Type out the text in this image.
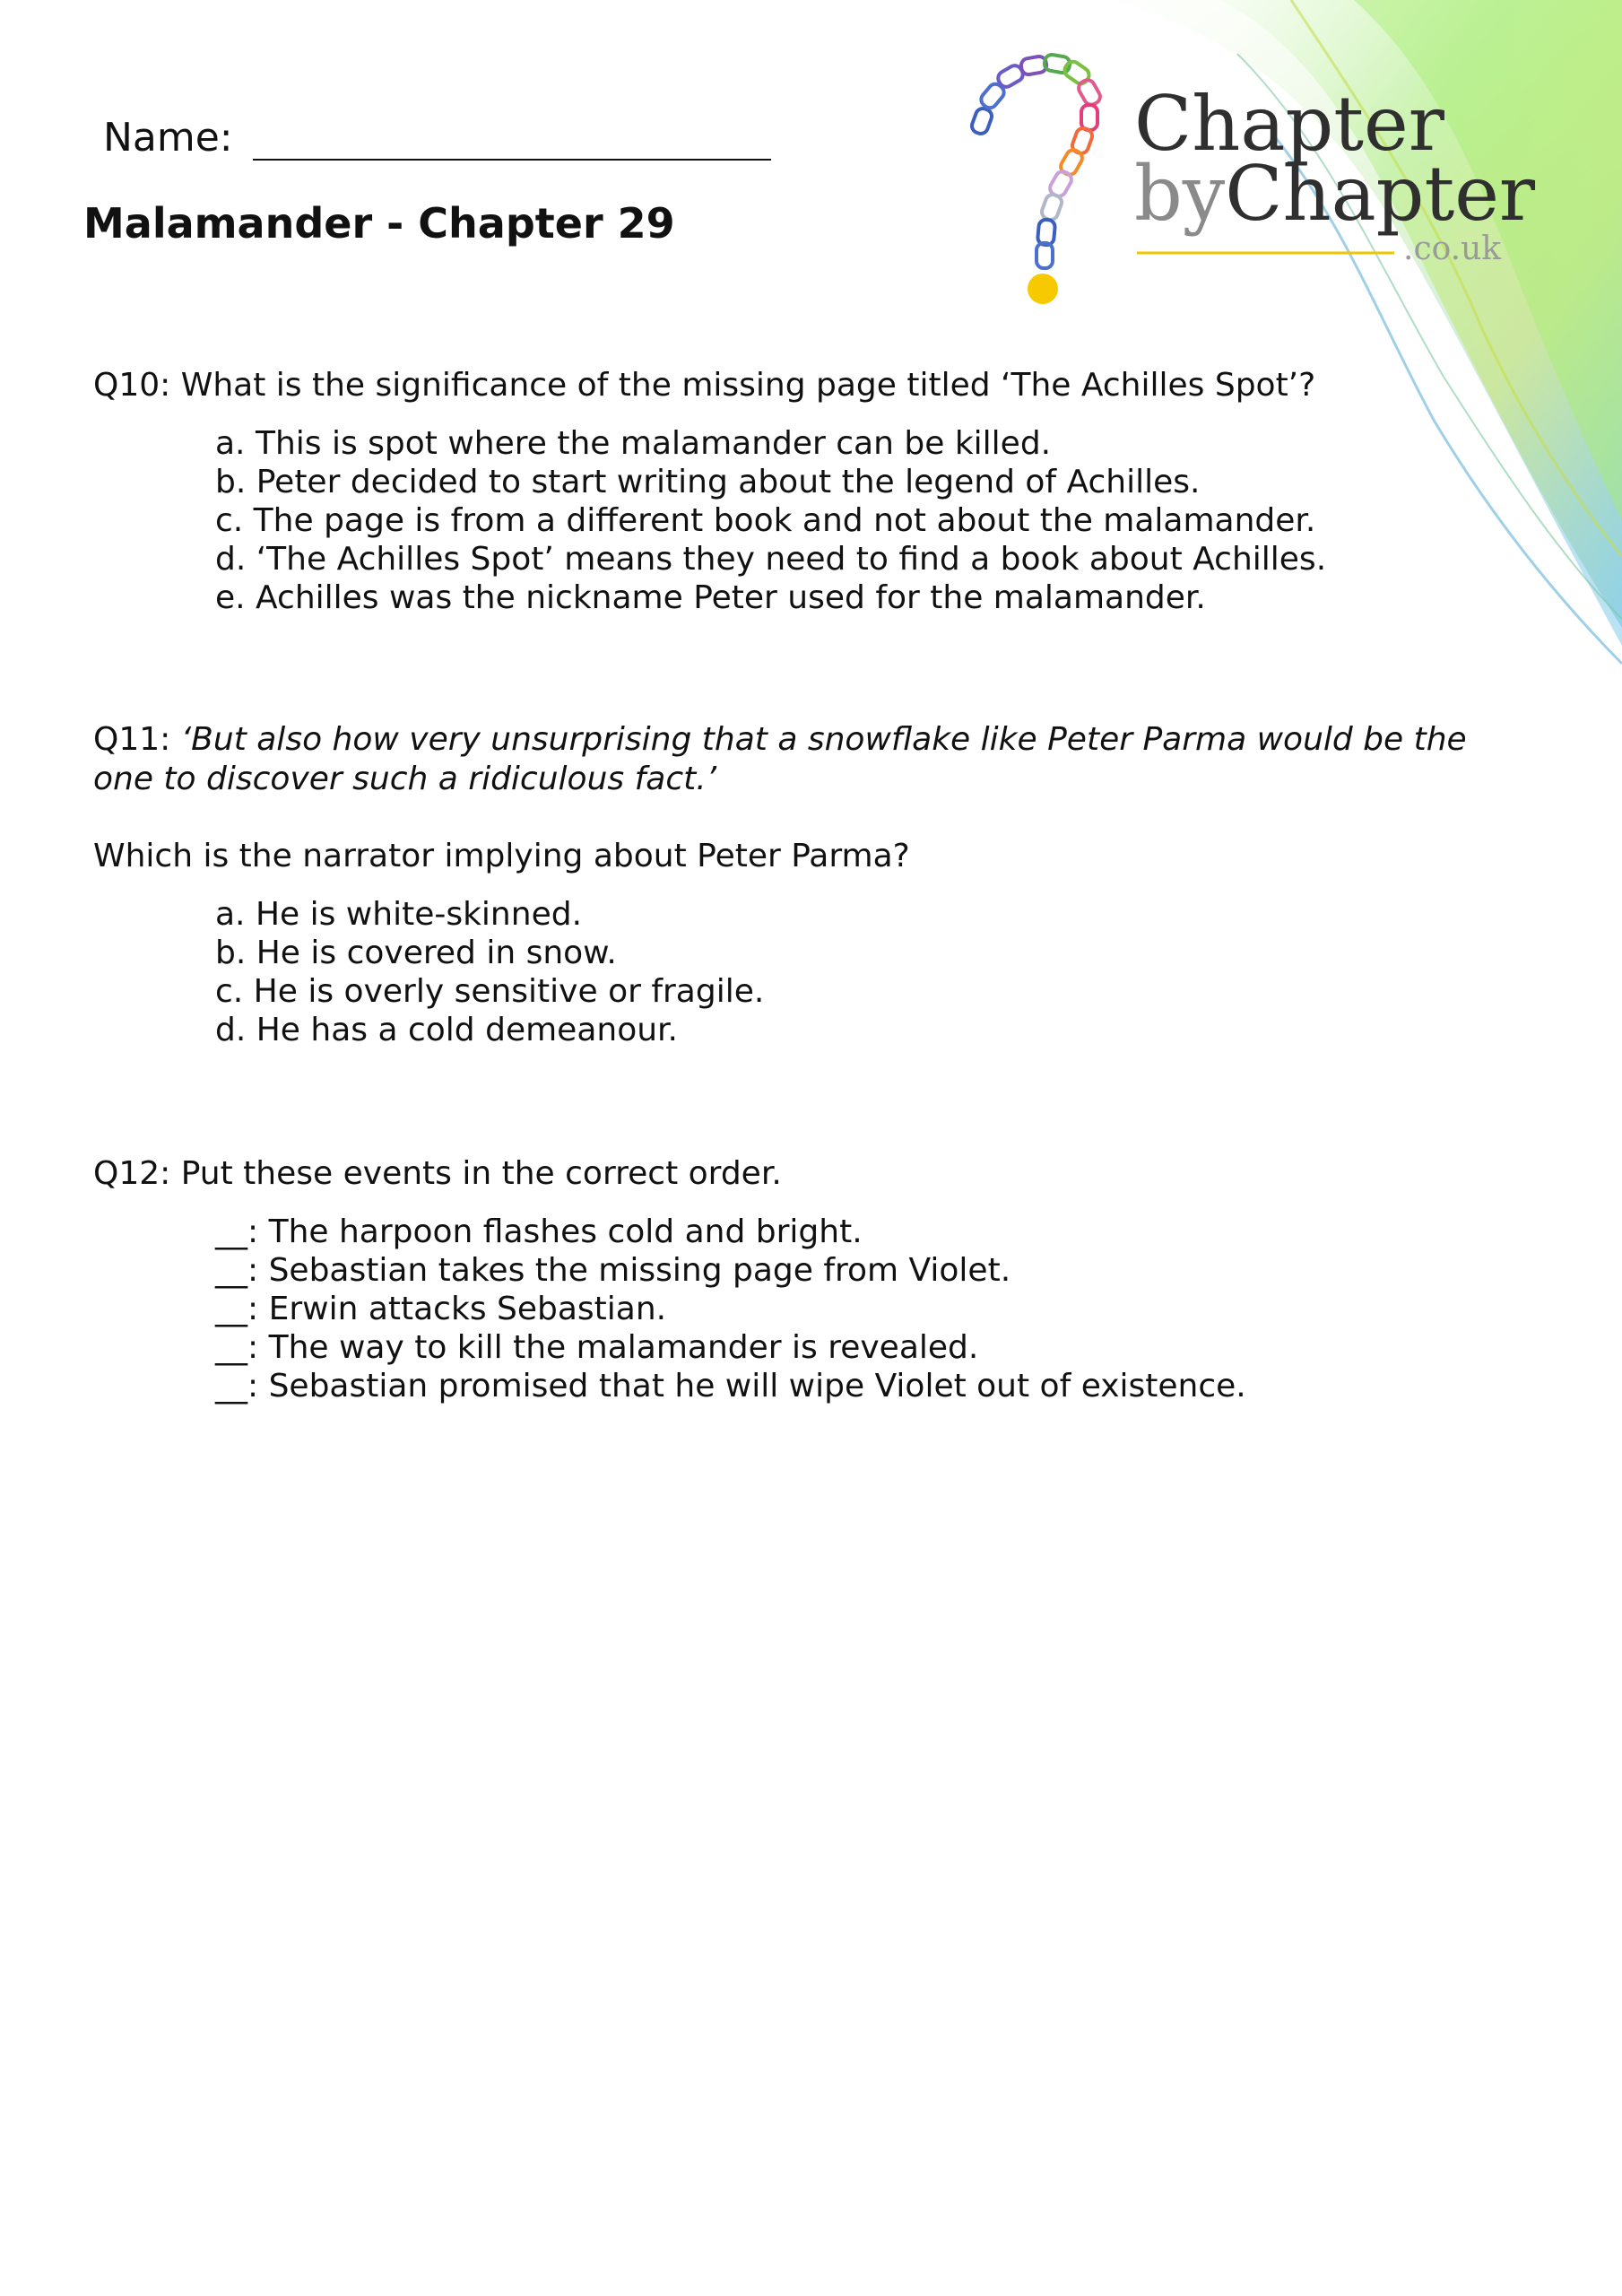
Chapter
byChapter
.co.uk
Name:
Malamander - Chapter 29
Q10: What is the significance of the missing page titled ‘The Achilles Spot’?
a. This is spot where the malamander can be killed.
b. Peter decided to start writing about the legend of Achilles.
c. The page is from a different book and not about the malamander.
d. ‘The Achilles Spot’ means they need to find a book about Achilles.
e. Achilles was the nickname Peter used for the malamander.
Q11: ‘But also how very unsurprising that a snowflake like Peter Parma would be the
one to discover such a ridiculous fact.’
Which is the narrator implying about Peter Parma?
a. He is white-skinned.
b. He is covered in snow.
c. He is overly sensitive or fragile.
d. He has a cold demeanour.
Q12: Put these events in the correct order.
__: The harpoon flashes cold and bright.
__: Sebastian takes the missing page from Violet.
__: Erwin attacks Sebastian.
__: The way to kill the malamander is revealed.
__: Sebastian promised that he will wipe Violet out of existence.
